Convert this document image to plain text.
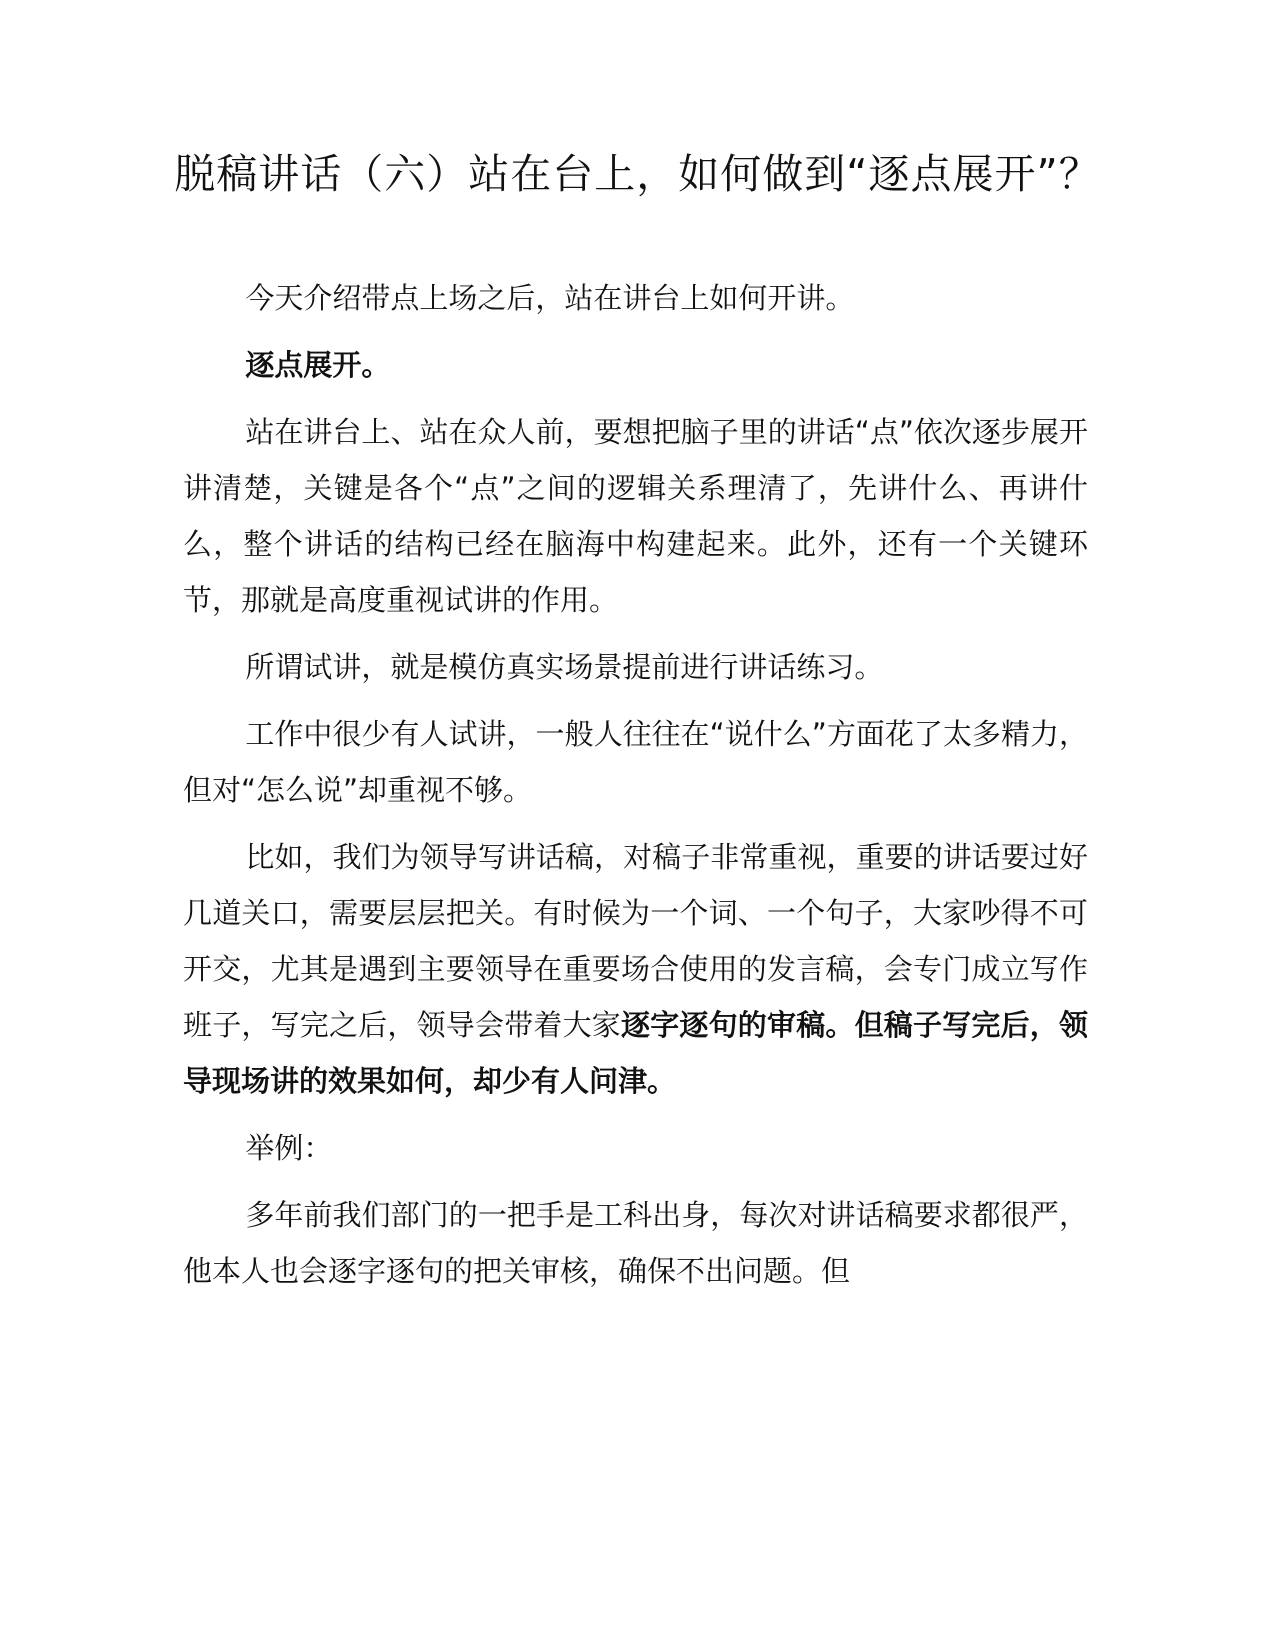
脱稿讲话（六）站在台上，如何做到“逐点展开”？

今天介绍带点上场之后，站在讲台上如何开讲。

逐点展开。

站在讲台上、站在众人前，要想把脑子里的讲话“点”依次逐步展开讲清楚，关键是各个“点”之间的逻辑关系理清了，先讲什么、再讲什么，整个讲话的结构已经在脑海中构建起来。此外，还有一个关键环节，那就是高度重视试讲的作用。

所谓试讲，就是模仿真实场景提前进行讲话练习。

工作中很少有人试讲，一般人往往在“说什么”方面花了太多精力，但对“怎么说”却重视不够。

比如，我们为领导写讲话稿，对稿子非常重视，重要的讲话要过好几道关口，需要层层把关。有时候为一个词、一个句子，大家吵得不可开交，尤其是遇到主要领导在重要场合使用的发言稿，会专门成立写作班子，写完之后，领导会带着大家逐字逐句的审稿。但稿子写完后，领导现场讲的效果如何，却少有人问津。

举例：

多年前我们部门的一把手是工科出身，每次对讲话稿要求都很严，他本人也会逐字逐句的把关审核，确保不出问题。但
